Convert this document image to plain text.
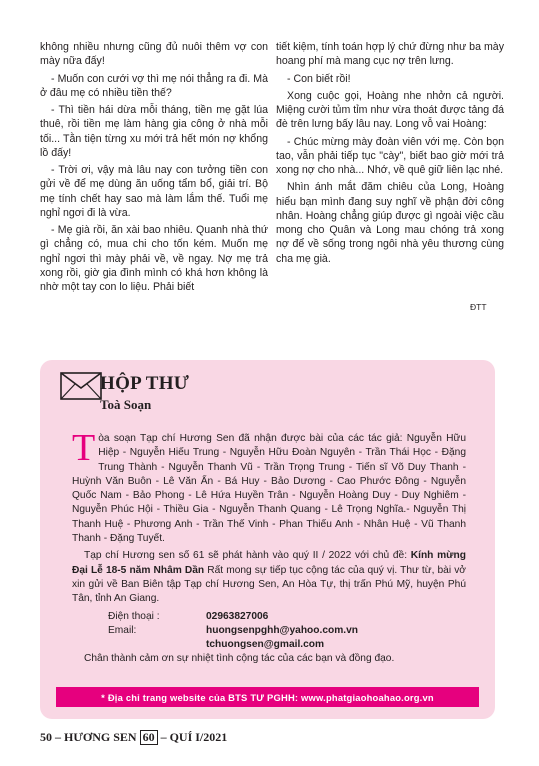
không nhiều nhưng cũng đủ nuôi thêm vợ con mày nữa đấy!

- Muốn con cưới vợ thì mẹ nói thẳng ra đi. Mà ở đâu mẹ có nhiều tiền thế?

- Thì tiền hái dừa mỗi tháng, tiền mẹ gặt lúa thuê, rồi tiền mẹ làm hàng gia công ở nhà mỗi tối... Tằn tiện từng xu mới trả hết món nợ khổng lồ đấy!

- Trời ơi, vậy mà lâu nay con tưởng tiền con gửi về để mẹ dùng ăn uống tẩm bổ, giải trí. Bộ mẹ tính chết hay sao mà làm lắm thế. Tuổi mẹ nghỉ ngơi đi là vừa.

- Mẹ già rồi, ăn xài bao nhiêu. Quanh nhà thứ gì chẳng có, mua chi cho tốn kém. Muốn mẹ nghỉ ngơi thì mày phải về, về ngay. Nợ mẹ trả xong rồi, giờ gia đình mình có khá hơn không là nhờ một tay con lo liệu. Phải biết

tiết kiệm, tính toán hợp lý chứ đừng như ba mày hoang phí mà mang cục nợ trên lưng.

- Con biết rồi!

Xong cuộc gọi, Hoàng nhe nhởn cả người. Miệng cười tủm tỉm như vừa thoát được tảng đá đè trên lưng bấy lâu nay. Long vỗ vai Hoàng:

- Chúc mừng mày đoàn viên với mẹ. Còn bọn tao, vẫn phải tiếp tục "cày", biết bao giờ mới trả xong nợ cho nhà... Nhớ, về quê giữ liên lạc nhé.

Nhìn ánh mắt đăm chiêu của Long, Hoàng hiểu bạn mình đang suy nghĩ về phận đời công nhân. Hoàng chẳng giúp được gì ngoài việc cầu mong cho Quân và Long mau chóng trả xong nợ để về sống trong ngôi nhà yêu thương cùng cha mẹ già.

ĐTT
HỘP THƯ
Toà Soạn

Tòa soạn Tạp chí Hương Sen đã nhận được bài của các tác giả: Nguyễn Hữu Hiệp - Nguyễn Hiếu Trung - Nguyễn Hữu Đoàn Nguyên - Trần Thái Học - Đặng Trung Thành - Nguyễn Thanh Vũ - Trần Trọng Trung - Tiến sĩ Võ Duy Thanh - Huỳnh Văn Buôn - Lê Văn Ẩn - Bá Huy - Bảo Dương - Cao Phước Đông - Nguyễn Quốc Nam - Bảo Phong - Lê Hứa Huyền Trân - Nguyễn Hoàng Duy - Duy Nghiêm - Nguyễn Phúc Hội - Thiều Gia - Nguyễn Thanh Quang - Lê Trọng Nghĩa.- Nguyễn Thị Thanh Huệ - Phương Anh - Trần Thế Vinh - Phan Thiếu Anh - Nhân Huệ - Vũ Thanh Thanh - Đặng Tuyết.

Tạp chí Hương sen số 61 sẽ phát hành vào quý II / 2022 với chủ đề: Kính mừng Đại Lễ 18-5 năm Nhâm Dần Rất mong sự tiếp tục cộng tác của quý vị. Thư từ, bài vở xin gửi về Ban Biên tập Tạp chí Hương Sen, An Hòa Tự, thị trấn Phú Mỹ, huyện Phú Tân, tỉnh An Giang.

Điện thoại :	02963827006
Email:	huongsenpghh@yahoo.com.vn
tchuongsen@gmail.com

Chân thành cảm ơn sự nhiệt tình cộng tác của các bạn và đồng đạo.

* Địa chỉ trang website của BTS TƯ PGHH: www.phatgiaohoahao.org.vn
50
– HƯƠNG SEN 60 – QUÍ I/2021
